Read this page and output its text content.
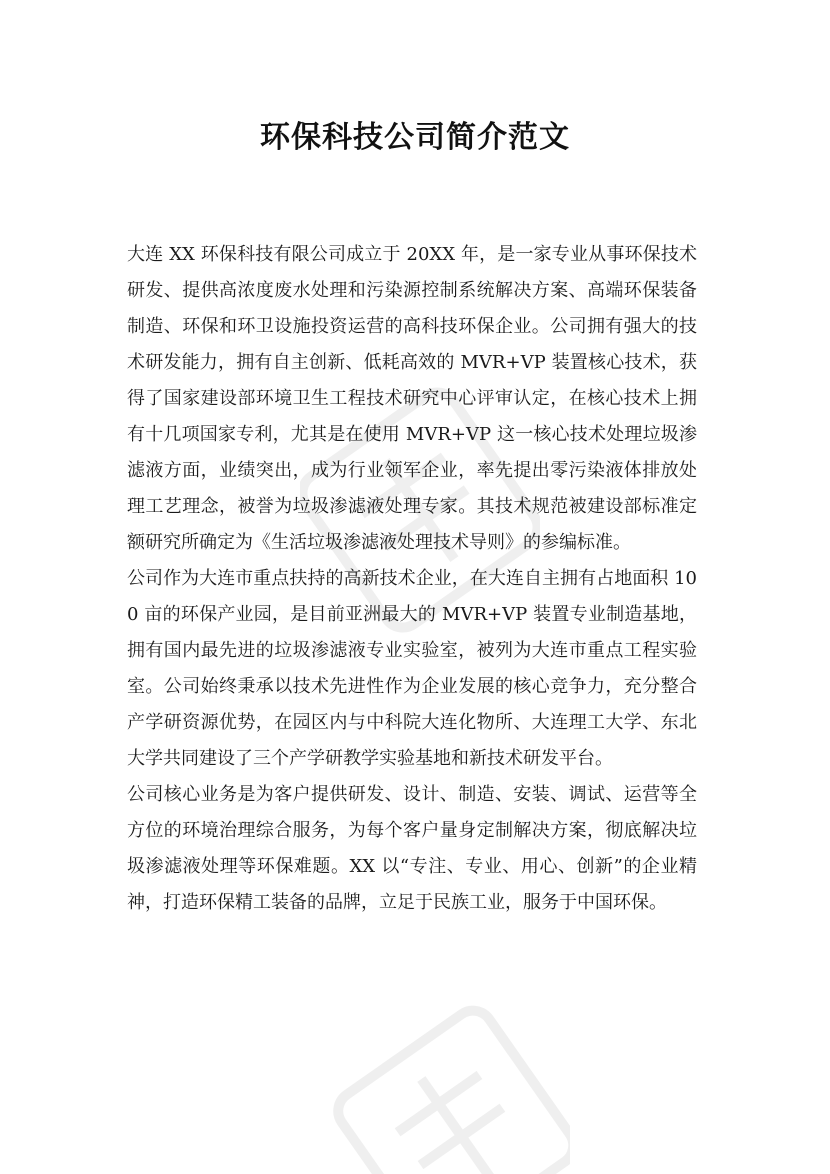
环保科技公司简介范文

大连 XX 环保科技有限公司成立于 20XX 年，是一家专业从事环保技术研发、提供高浓度废水处理和污染源控制系统解决方案、高端环保装备制造、环保和环卫设施投资运营的高科技环保企业。公司拥有强大的技术研发能力，拥有自主创新、低耗高效的 MVR+VP 装置核心技术，获得了国家建设部环境卫生工程技术研究中心评审认定，在核心技术上拥有十几项国家专利，尤其是在使用 MVR+VP 这一核心技术处理垃圾渗滤液方面，业绩突出，成为行业领军企业，率先提出零污染液体排放处理工艺理念，被誉为垃圾渗滤液处理专家。其技术规范被建设部标准定额研究所确定为《生活垃圾渗滤液处理技术导则》的参编标准。

公司作为大连市重点扶持的高新技术企业，在大连自主拥有占地面积 100 亩的环保产业园，是目前亚洲最大的 MVR+VP 装置专业制造基地，拥有国内最先进的垃圾渗滤液专业实验室，被列为大连市重点工程实验室。公司始终秉承以技术先进性作为企业发展的核心竞争力，充分整合产学研资源优势，在园区内与中科院大连化物所、大连理工大学、东北大学共同建设了三个产学研教学实验基地和新技术研发平台。

公司核心业务是为客户提供研发、设计、制造、安装、调试、运营等全方位的环境治理综合服务，为每个客户量身定制解决方案，彻底解决垃圾渗滤液处理等环保难题。XX 以“专注、专业、用心、创新”的企业精神，打造环保精工装备的品牌，立足于民族工业，服务于中国环保。
